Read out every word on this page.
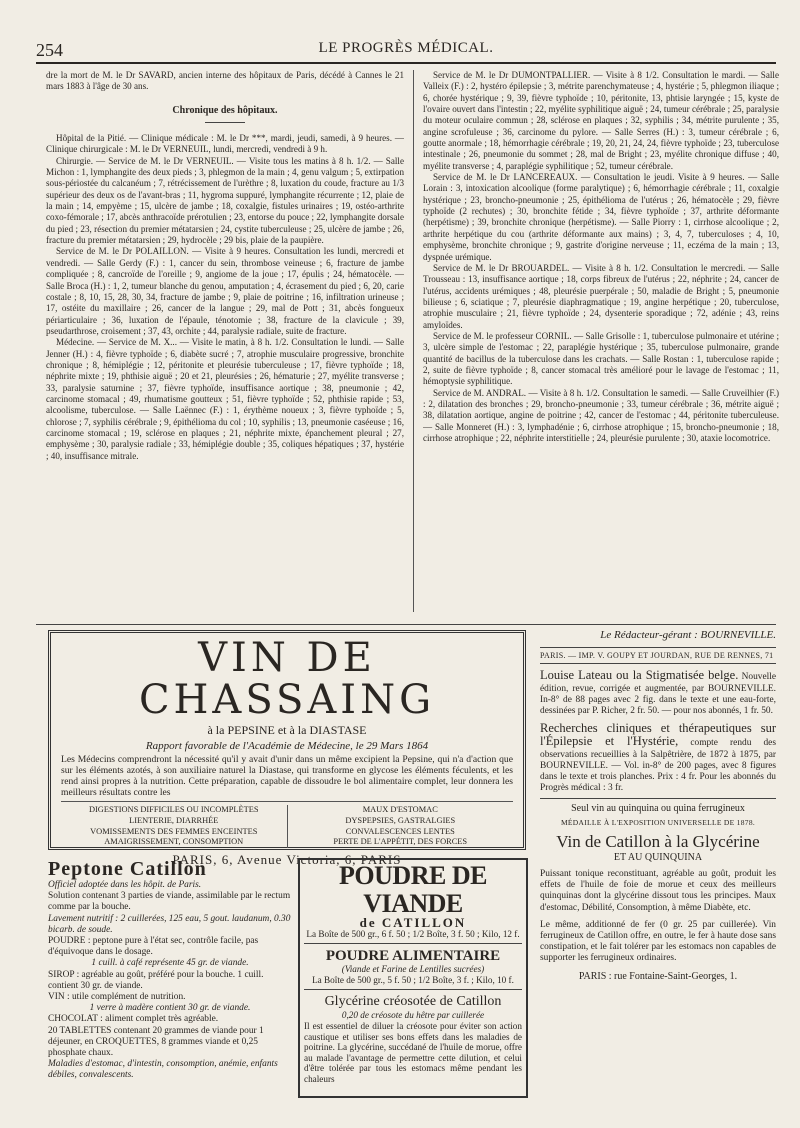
254	LE PROGRÈS MÉDICAL.

dre la mort de M. le Dr SAVARD, ancien interne des hôpitaux de Paris, décédé à Cannes le 21 mars 1883 à l'âge de 30 ans.

Chronique des hôpitaux.

Hôpital de la Pitié. — Clinique médicale : M. le Dr ***, mardi, jeudi, samedi, à 9 heures. — Clinique chirurgicale : M. le Dr VERNEUIL, lundi, mercredi, vendredi à 9 h.

Chirurgie. — Service de M. le Dr VERNEUIL. — Visite tous les matins à 8 h. 1/2. — Salle Michon : 1, lymphangite des deux pieds ; 3, phlegmon de la main ; 4, genu valgum ; 5, extirpation sous-périostée du calcanéum ; 7, rétrécissement de l'urèthre ; 8, luxation du coude, fracture au 1/3 supérieur des deux os de l'avant-bras ; 11, hygroma suppuré, lymphangite récurrente ; 12, plaie de la main ; 14, empyème ; 15, ulcère de jambe ; 18, coxalgie, fistules urinaires ; 19, ostéo-arthrite coxo-fémorale ; 17, abcès anthracoïde prérotulien ; 23, entorse du pouce ; 22, lymphangite dorsale du pied ; 23, résection du premier métatarsien ; 24, cystite tuberculeuse ; 25, ulcère de jambe ; 26, fracture du premier métatarsien ; 29, hydrocèle ; 29 bis, plaie de la paupière.

Service de M. le Dr POLAILLON. — Visite à 9 heures. Consultation les lundi, mercredi et vendredi. — Salle Gerdy (F.) : 1, cancer du sein, thrombose veineuse ; 6, fracture de jambe compliquée ; 8, cancroïde de l'oreille ; 9, angiome de la joue ; 17, épulis ; 24, hématocèle. — Salle Broca (H.) : 1, 2, tumeur blanche du genou, amputation ; 4, écrasement du pied ; 6, 20, carie costale ; 8, 10, 15, 28, 30, 34, fracture de jambe ; 9, plaie de poitrine ; 16, infiltration urineuse ; 17, ostéite du maxillaire ; 26, cancer de la langue ; 29, mal de Pott ; 31, abcès fongueux périarticulaire ; 36, luxation de l'épaule, ténotomie ; 38, fracture de la clavicule ; 39, pseudarthrose, croisement ; 37, 43, orchite ; 44, paralysie radiale, suite de fracture.

Médecine. — Service de M. X... — Visite le matin, à 8 h. 1/2. Consultation le lundi. — Salle Jenner (H.) : 4, fièvre typhoïde ; 6, diabète sucré ; 7, atrophie musculaire progressive, bronchite chronique ; 8, hémiplégie ; 12, péritonite et pleurésie tuberculeuse ; 17, fièvre typhoïde ; 18, néphrite mixte ; 19, phthisie aiguë ; 20 et 21, pleurésies ; 26, hématurie ; 27, myélite transverse ; 33, paralysie saturnine ; 37, fièvre typhoïde, insuffisance aortique ; 38, pneumonie ; 42, carcinome stomacal ; 49, rhumatisme goutteux ; 51, fièvre typhoïde ; 52, phthisie rapide ; 53, alcoolisme, tuberculose. — Salle Laënnec (F.) : 1, érythème noueux ; 3, fièvre typhoïde ; 5, chlorose ; 7, syphilis cérébrale ; 9, épithélioma du col ; 10, syphilis ; 13, pneumonie caséeuse ; 16, carcinome stomacal ; 19, sclérose en plaques ; 21, néphrite mixte, épanchement pleural ; 27, emphysème ; 30, paralysie radiale ; 33, hémiplégie double ; 35, coliques hépatiques ; 37, hystérie ; 40, insuffisance mitrale.

Service de M. le Dr DUMONTPALLIER. — Visite à 8 1/2. Consultation le mardi. — Salle Valleix (F.) : 2, hystéro épilepsie ; 3, métrite parenchymateuse ; 4, hystérie ; 5, phlegmon iliaque ; 6, chorée hystérique ; 9, 39, fièvre typhoïde ; 10, péritonite, 13, phtisie laryngée ; 15, kyste de l'ovaire ouvert dans l'intestin ; 22, myélite syphilitique aiguë ; 24, tumeur cérébrale ; 25, paralysie du moteur oculaire commun ; 28, sclérose en plaques ; 32, syphilis ; 34, métrite purulente ; 35, angine scrofuleuse ; 36, carcinome du pylore. — Salle Serres (H.) : 3, tumeur cérébrale ; 6, goutte anormale ; 18, hémorrhagie cérébrale ; 19, 20, 21, 24, 24, fièvre typhoïde ; 23, tuberculose intestinale ; 26, pneumonie du sommet ; 28, mal de Bright ; 23, myélite chronique diffuse ; 40, myélite transverse ; 4, paraplégie syphilitique ; 52, tumeur cérébrale.

Service de M. le Dr LANCEREAUX. — Consultation le jeudi. Visite à 9 heures. — Salle Lorain : 3, intoxication alcoolique (forme paralytique) ; 6, hémorrhagie cérébrale ; 11, coxalgie hystérique ; 23, broncho-pneumonie ; 25, épithélioma de l'utérus ; 26, hématocèle ; 29, fièvre typhoïde (2 rechutes) ; 30, bronchite fétide ; 34, fièvre typhoïde ; 37, arthrite déformante (herpétisme) ; 39, bronchite chronique (herpétisme). — Salle Piorry : 1, cirrhose alcoolique ; 2, arthrite herpétique du cou (arthrite déformante aux mains) ; 3, 4, 7, tuberculoses ; 4, 10, emphysème, bronchite chronique ; 9, gastrite d'origine nerveuse ; 11, eczéma de la main ; 13, dyspnée urémique.

Service de M. le Dr BROUARDEL. — Visite à 8 h. 1/2. Consultation le mercredi. — Salle Trousseau : 13, insuffisance aortique ; 18, corps fibreux de l'utérus ; 22, néphrite ; 24, cancer de l'utérus, accidents urémiques ; 48, pleurésie puerpérale ; 50, maladie de Bright ; 5, pneumonie bilieuse ; 6, sciatique ; 7, pleurésie diaphragmatique ; 19, angine herpétique ; 20, tuberculose, atrophie musculaire ; 21, fièvre typhoïde ; 24, dysenterie sporadique ; 72, adénie ; 43, reins amyloïdes.

Service de M. le professeur CORNIL. — Salle Grisolle : 1, tuberculose pulmonaire et utérine ; 3, ulcère simple de l'estomac ; 22, paraplégie hystérique ; 35, tuberculose pulmonaire, grande quantité de bacillus de la tuberculose dans les crachats. — Salle Rostan : 1, tuberculose rapide ; 2, suite de fièvre typhoïde ; 8, cancer stomacal très amélioré pour le lavage de l'estomac ; 11, hémoptysie syphilitique.

Service de M. ANDRAL. — Visite à 8 h. 1/2. Consultation le samedi. — Salle Cruveilhier (F.) : 2, dilatation des bronches ; 29, broncho-pneumonie ; 33, tumeur cérébrale ; 36, métrite aiguë ; 38, dilatation aortique, angine de poitrine ; 42, cancer de l'estomac ; 44, péritonite tuberculeuse. — Salle Monneret (H.) : 3, lymphadénie ; 6, cirrhose atrophique ; 15, broncho-pneumonie ; 18, cirrhose atrophique ; 22, néphrite interstitielle ; 24, pleurésie purulente ; 30, ataxie locomotrice.

VIN DE CHASSAING
à la PEPSINE et à la DIASTASE
Rapport favorable de l'Académie de Médecine, le 29 Mars 1864
Les Médecins comprendront la nécessité qu'il y avait d'unir dans un même excipient la Pepsine, qui n'a d'action que sur les éléments azotés, à son auxiliaire naturel la Diastase, qui transforme en glycose les éléments féculents, et les rend ainsi propres à la nutrition. Cette préparation, capable de dissoudre le bol alimentaire complet, leur donnera les meilleurs résultats contre les
DIGESTIONS DIFFICILES OU INCOMPLÈTES
LIENTERIE, DIARRHÉE
VOMISSEMENTS DES FEMMES ENCEINTES
AMAIGRISSEMENT, CONSOMPTION
MAUX D'ESTOMAC
DYSPEPSIES, GASTRALGIES
CONVALESCENCES LENTES
PERTE DE L'APPÉTIT, DES FORCES
PARIS, 6, Avenue Victoria, 6, PARIS
Peptone Catillon
Officiel adoptée dans les hôpit. de Paris.
Solution contenant 3 parties de viande, assimilable par le rectum comme par la bouche.
Lavement nutritif : 2 cuillerées, 125 eau, 5 gout. laudanum, 0.30 bicarb. de soude.
POUDRE : peptone pure à l'état sec, contrôle facile, pas d'équivoque dans le dosage.
1 cuill. à café représente 45 gr. de viande.
SIROP : agréable au goût, préféré pour la bouche. 1 cuill. contient 30 gr. de viande.
VIN : utile complément de nutrition.
1 verre à madère contient 30 gr. de viande.
CHOCOLAT : aliment complet très agréable.
20 TABLETTES contenant 20 grammes de viande pour 1 déjeuner, en CROQUETTES, 8 grammes viande et 0,25 phosphate chaux.
Maladies d'estomac, d'intestin, consomption, anémie, enfants débiles, convalescents.
POUDRE DE VIANDE
de CATILLON
La Boîte de 500 gr., 6 f. 50 ; 1/2 Boîte, 3 f. 50 ; Kilo, 12 f.
POUDRE ALIMENTAIRE
(Viande et Farine de Lentilles sucrées)
La Boîte de 500 gr., 5 f. 50 ; 1/2 Boîte, 3 f. ; Kilo, 10 f.
Glycérine créosotée de Catillon
0,20 de créosote du hêtre par cuillerée
Il est essentiel de diluer la créosote pour éviter son action caustique et utiliser ses bons effets dans les maladies de poitrine. La glycérine, succédané de l'huile de morue, offre au malade l'avantage de permettre cette dilution, et celui d'être tolérée par tous les estomacs même pendant les chaleurs
Le Rédacteur-gérant : BOURNEVILLE.
PARIS. — IMP. V. GOUPY ET JOURDAN, RUE DE RENNES, 71
Louise Lateau ou la Stigmatisée belge. Nouvelle édition, revue, corrigée et augmentée, par BOURNEVILLE. In-8° de 88 pages avec 2 fig. dans le texte et une eau-forte, dessinées par P. Richer, 2 fr. 50. — pour nos abonnés, 1 fr. 50.
Recherches cliniques et thérapeutiques sur l'Épilepsie et l'Hystérie, compte rendu des observations recueillies à la Salpêtrière, de 1872 à 1875, par BOURNEVILLE. — Vol. in-8° de 200 pages, avec 8 figures dans le texte et trois planches. Prix : 4 fr. Pour les abonnés du Progrès médical : 3 fr.
Seul vin au quinquina ou quina ferrugineux
MÉDAILLE À L'EXPOSITION UNIVERSELLE DE 1878.
Vin de Catillon à la Glycérine
ET AU QUINQUINA
Puissant tonique reconstituant, agréable au goût, produit les effets de l'huile de foie de morue et ceux des meilleurs quinquinas dont la glycérine dissout tous les principes. Maux d'estomac, Débilité, Consomption, à même Diabète, etc.
Le même, additionné de fer (0 gr. 25 par cuillerée). Vin ferrugineux de Catillon offre, en outre, le fer à haute dose sans constipation, et le fait tolérer par les estomacs non capables de supporter les ferrugineux ordinaires.
PARIS : rue Fontaine-Saint-Georges, 1.
